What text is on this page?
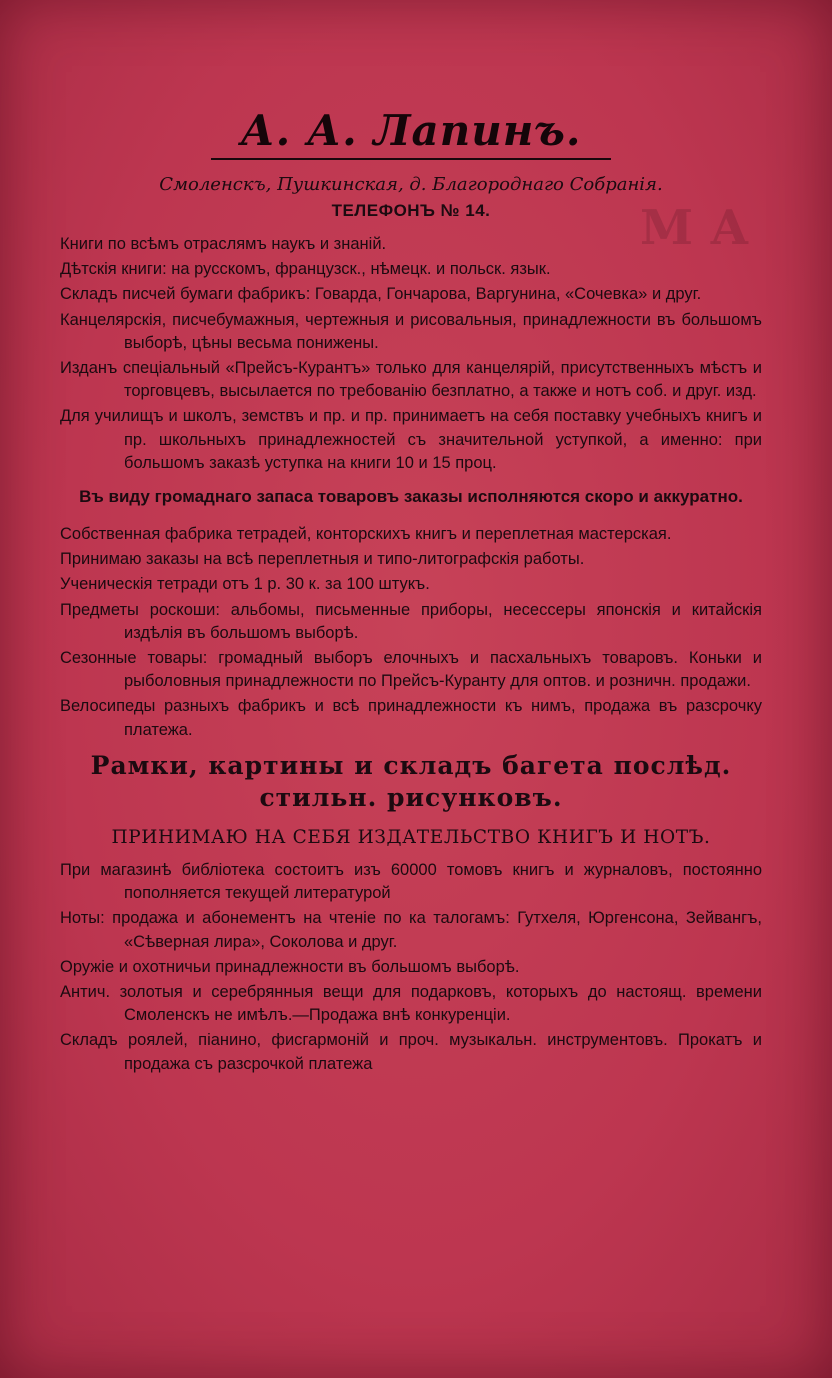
М А
А. А. Лапинъ.
Смоленскъ, Пушкинская, д. Благороднаго Собранія.
ТЕЛЕФОНЪ № 14.
Книги по всѣмъ отраслямъ наукъ и знаній.
Дѣтскія книги: на русскомъ, французск., нѣмецк. и польск. язык.
Складъ писчей бумаги фабрикъ: Говарда, Гончарова, Варгунина, «Сочевка» и друг.
Канцелярскія, писчебумажныя, чертежныя и рисовальныя, принадлежности въ большомъ выборѣ, цѣны весьма понижены.
Изданъ спеціальный «Прейсъ-Курантъ» только для канцелярій, присутственныхъ мѣстъ и торговцевъ, высылается по требованію безплатно, а также и нотъ соб. и друг. изд.
Для училищъ и школъ, земствъ и пр. и пр. принимаетъ на себя поставку учебныхъ книгъ и пр. школьныхъ принадлежностей съ значительной уступкой, а именно: при большомъ заказѣ уступка на книги 10 и 15 проц.
Въ виду громаднаго запаса товаровъ заказы исполняются скоро и аккуратно.
Собственная фабрика тетрадей, конторскихъ книгъ и переплетная мастерская.
Принимаю заказы на всѣ переплетныя и типо-литографскія работы.
Ученическія тетради отъ 1 р. 30 к. за 100 штукъ.
Предметы роскоши: альбомы, письменные приборы, несессеры японскія и китайскія издѣлія въ большомъ выборѣ.
Сезонные товары: громадный выборъ елочныхъ и пасхальныхъ товаровъ. Коньки и рыболовныя принадлежности по Прейсъ-Куранту для оптов. и розничн. продажи.
Велосипеды разныхъ фабрикъ и всѣ принадлежности къ нимъ, продажа въ разсрочку платежа.
Рамки, картины и складъ багета послѣд. стильн. рисунковъ.
ПРИНИМАЮ НА СЕБЯ ИЗДАТЕЛЬСТВО КНИГЪ И НОТЪ.
При магазинѣ библіотека состоитъ изъ 60000 томовъ книгъ и журналовъ, постоянно пополняется текущей литературой
Ноты: продажа и абонементъ на чтеніе по ка талогамъ: Гутхеля, Юргенсона, Зейвангъ, «Сѣверная лира», Соколова и друг.
Оружіе и охотничьи принадлежности въ большомъ выборѣ.
Антич. золотыя и серебрянныя вещи для подарковъ, которыхъ до настоящ. времени Смоленскъ не имѣлъ.—Продажа внѣ конкуренціи.
Складъ роялей, піанино, фисгармоній и проч. музыкальн. инструментовъ. Прокатъ и продажа съ разсрочкой платежа
